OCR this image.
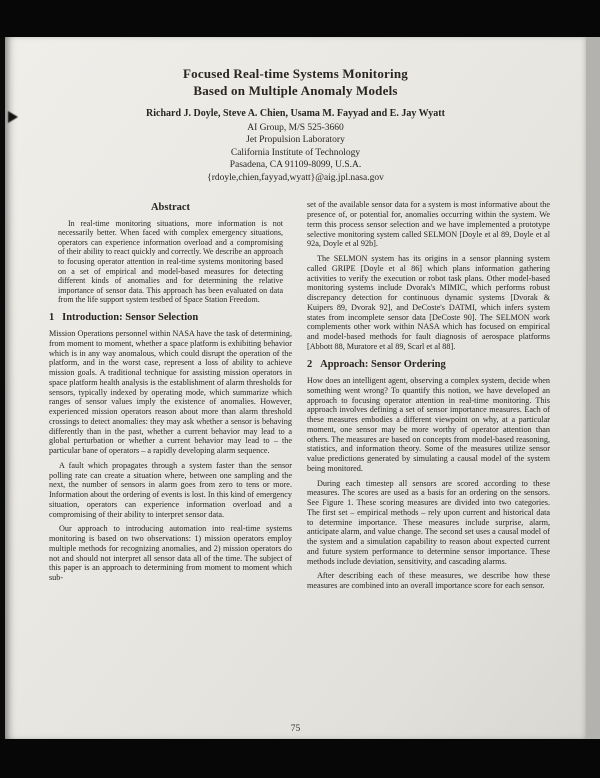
Focused Real-time Systems Monitoring
Based on Multiple Anomaly Models
Richard J. Doyle, Steve A. Chien, Usama M. Fayyad and E. Jay Wyatt
AI Group, M/S 525-3660
Jet Propulsion Laboratory
California Institute of Technology
Pasadena, CA 91109-8099, U.S.A.
{rdoyle,chien,fayyad,wyatt}@aig.jpl.nasa.gov
Abstract

In real-time monitoring situations, more information is not necessarily better. When faced with complex emergency situations, operators can experience information overload and a compromising of their ability to react quickly and correctly. We describe an approach to focusing operator attention in real-time systems monitoring based on a set of empirical and model-based measures for detecting different kinds of anomalies and for determining the relative importance of sensor data. This approach has been evaluated on data from the life support system testbed of Space Station Freedom.

1   Introduction: Sensor Selection

Mission Operations personnel within NASA have the task of determining, from moment to moment, whether a space platform is exhibiting behavior which is in any way anomalous, which could disrupt the operation of the platform, and in the worst case, represent a loss of ability to achieve mission goals. A traditional technique for assisting mission operators in space platform health analysis is the establishment of alarm thresholds for sensors, typically indexed by operating mode, which summarize which ranges of sensor values imply the existence of anomalies. However, experienced mission operators reason about more than alarm threshold crossings to detect anomalies: they may ask whether a sensor is behaving differently than in the past, whether a current behavior may lead to a global perturbation or whether a current behavior may lead to – the particular bane of operators – a rapidly developing alarm sequence.

A fault which propagates through a system faster than the sensor polling rate can create a situation where, between one sampling and the next, the number of sensors in alarm goes from zero to tens or more. Information about the ordering of events is lost. In this kind of emergency situation, operators can experience information overload and a compromising of their ability to interpret sensor data.

Our approach to introducing automation into real-time systems monitoring is based on two observations: 1) mission operators employ multiple methods for recognizing anomalies, and 2) mission operators do not and should not interpret all sensor data all of the time. The subject of this paper is an approach to determining from moment to moment which sub-

set of the available sensor data for a system is most informative about the presence of, or potential for, anomalies occurring within the system. We term this process sensor selection and we have implemented a prototype selective monitoring system called SELMON [Doyle et al 89, Doyle et al 92a, Doyle et al 92b].

The SELMON system has its origins in a sensor planning system called GRIPE [Doyle et al 86] which plans information gathering activities to verify the execution or robot task plans. Other model-based monitoring systems include Dvorak's MIMIC, which performs robust discrepancy detection for continuous dynamic systems [Dvorak & Kuipers 89, Dvorak 92], and DeCoste's DATMI, which infers system states from incomplete sensor data [DeCoste 90]. The SELMON work complements other work within NASA which has focused on empirical and model-based methods for fault diagnosis of aerospace platforms [Abbott 88, Muratore et al 89, Scarl et al 88].

2   Approach: Sensor Ordering

How does an intelligent agent, observing a complex system, decide when something went wrong? To quantify this notion, we have developed an approach to focusing operator attention in real-time monitoring. This approach involves defining a set of sensor importance measures. Each of these measures embodies a different viewpoint on why, at a particular moment, one sensor may be more worthy of operator attention than others. The measures are based on concepts from model-based reasoning, statistics, and information theory. Some of the measures utilize sensor value predictions generated by simulating a causal model of the system being monitored.

During each timestep all sensors are scored according to these measures. The scores are used as a basis for an ordering on the sensors. See Figure 1. These scoring measures are divided into two categories. The first set – empirical methods – rely upon current and historical data to determine importance. These measures include surprise, alarm, anticipate alarm, and value change. The second set uses a causal model of the system and a simulation capability to reason about expected current and future system performance to determine sensor importance. These methods include deviation, sensitivity, and cascading alarms.

After describing each of these measures, we describe how these measures are combined into an overall importance score for each sensor.

75
